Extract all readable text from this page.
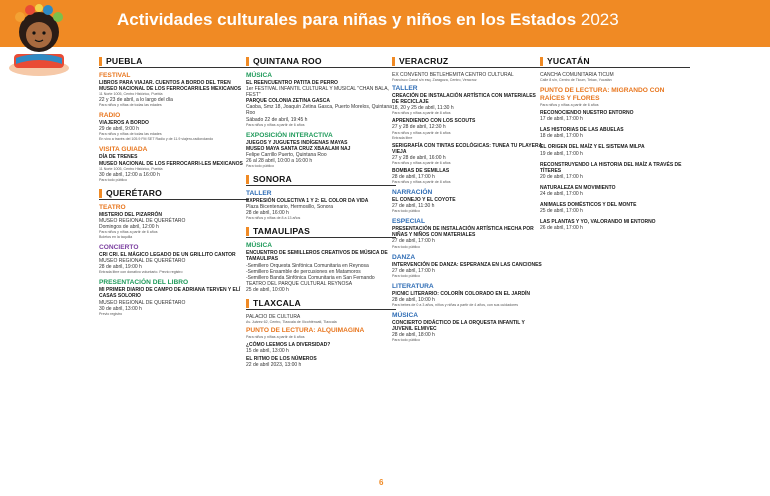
Actividades culturales para niñas y niños en los Estados 2023
PUEBLA
FESTIVAL
LIBROS PARA VIAJAR. CUENTOS A BORDO DEL TREN
MUSEO NACIONAL DE LOS FERROCARRILES MEXICANOS
11 Norte 1005, Centro Histórico, Puebla
22 y 23 de abril, a lo largo del día
Para niños y niñas de todas las edades
RADIO
VIAJEROS A BORDO
29 de abril, 9:00 h
Para niños y niñas de todas las edades
En vivo a través del 105.9 FM SET Radio y de 11.9 viajero-radiorolando
VISITA GUIADA
DÍA DE TRENES
MUSEO NACIONAL DE LOS FERROCARRI-LES MEXICANOS
11 Norte 1005, Centro Histórico, Puebla
30 de abril, 12:00 a 16:00 h
Para todo público
QUERÉTARO
TEATRO
MISTERIO DEL PIZARRÓN
MUSEO REGIONAL DE QUERÉTARO
Domingos de abril, 12:00 h
Para niños y niñas a partir de 6 años
Boletos en la taquilla
CONCIERTO
CRI CRI. EL MÁGICO LEGADO DE UN GRILLITO CANTOR
MUSEO REGIONAL DE QUERÉTARO
28 de abril, 19:00 h
Entrada libre con donativo voluntario. Previo registro
PRESENTACIÓN DEL LIBRO
MI PRIMER DIARIO DE CAMPO DE ADRIANA TERVEN Y ELÍ CASAS SOLORIO
MUSEO REGIONAL DE QUERÉTARO
30 de abril, 13:00 h
Previo registro
QUINTANA ROO
MÚSICA
EL REENCUENTRO PATITA DE PERRO
1er FESTIVAL INFANTIL CULTURAL Y MUSICAL "CHAN BALA, FEST"
PARQUE COLONIA ZETINA GASCA
Caoba, Smz 18, Joaquín Zetina Gasca, Puerto Morelos, Quintana Roo
Sábado 22 de abril, 19:45 h
Para niños y niñas a partir de 6 años
EXPOSICIÓN INTERACTIVA
JUEGOS Y JUGUETES INDÍGENAS MAYAS
MUSEO MAYA SANTA CRUZ XBAALAM NAJ
Felipe Carrillo Puerto, Quintana Roo
26 al 28 abril, 10:00 a 16:00 h
Para todo público
SONORA
TALLER
EXPRESIÓN COLECTIVA 1 Y 2: EL COLOR DA VIDA
Plaza Bicentenario, Hermosillo, Sonora
28 de abril, 16:00 h
Para niños y niñas de 8 a 13 años
TAMAULIPAS
MÚSICA
ENCUENTRO DE SEMILLEROS CREATIVOS DE MÚSICA DE TAMAULIPAS
-Semillero Orquesta Sinfónica Comunitaria en Reynosa
-Semillero Ensamble de percusiones en Matamoros
-Semillero Banda Sinfónica Comunitaria en San Fernando
TEATRO DEL PARQUE CULTURAL REYNOSA
25 de abril, 10:00 h
TLAXCALA
PALACIO DE CULTURA
Av. Juárez 62, Centro, Tlaxcala de Xicohténcatl, Tlaxcala
PUNTO DE LECTURA: ALQUIMAGINA
Para niños y niñas a partir de 6 años
¿CÓMO LEEMOS LA DIVERSIDAD?
15 de abril, 13:00 h
EL RITMO DE LOS NÚMEROS
22 de abril 2023, 13:00 h
VERACRUZ
EX CONVENTO BETLEHEMITA CENTRO CULTURAL
Francisco Canal s/n esq. Zaragoza, Centro, Veracruz
TALLER
CREACIÓN DE INSTALACIÓN ARTÍSTICA CON MATERIALES DE RECICLAJE
18, 20 y 25 de abril, 11:30 h
Para niños y niñas a partir de 8 años
APRENDIENDO CON LOS SCOUTS
27 y 28 de abril, 12:30 h
Para niños y niñas a partir de 6 años
Entrada libre
SERIGRAFÍA CON TINTAS ECOLÓGICAS: TUNEA TU PLAYERA VIEJA
27 y 28 de abril, 16:00 h
Para niños y niñas a partir de 6 años
BOMBAS DE SEMILLAS
28 de abril, 17:00 h
Para niños y niñas a partir de 8 años
NARRACIÓN
EL CONEJO Y EL COYOTE
27 de abril, 11:30 h
Para todo público
ESPECIAL
PRESENTACIÓN DE INSTALACIÓN ARTÍSTICA HECHA POR NIÑAS Y NIÑOS CON MATERIALES
27 de abril, 17:00 h
Para todo público
DANZA
INTERVENCIÓN DE DANZA: ESPERANZA EN LAS CANCIONES
27 de abril, 17:00 h
Para todo público
LITERATURA
PICNIC LITERARIO: COLORÍN COLORADO EN EL JARDÍN
28 de abril, 10:00 h
Para bebes de 0 a 3 años, niños y niñas a partir de 4 años, con sus cuidadores
MÚSICA
CONCIERTO DIDÁCTICO DE LA ORQUESTA INFANTIL Y JUVENIL ELMIVEC
28 de abril, 18:00 h
Para todo público
YUCATÁN
CANCHA COMUNITARIA TICUM
Calle 8 s/n, Centro de Ticum, Tekax, Yucatán
PUNTO DE LECTURA: MIGRANDO CON RAÍCES Y FLORES
Para niños y niñas a partir de 6 años
RECONOCIENDO NUESTRO ENTORNO
17 de abril, 17:00 h
LAS HISTORIAS DE LAS ABUELAS
18 de abril, 17:00 h
EL ORIGEN DEL MAÍZ Y EL SISTEMA MILPA
19 de abril, 17:00 h
RECONSTRUYENDO LA HISTORIA DEL MAÍZ A TRAVÉS DE TÍTERES
20 de abril, 17:00 h
NATURALEZA EN MOVIMIENTO
24 de abril, 17:00 h
ANIMALES DOMÉSTICOS Y DEL MONTE
25 de abril, 17:00 h
LAS PLANTAS Y YO, VALORANDO MI ENTORNO
26 de abril, 17:00 h
6
